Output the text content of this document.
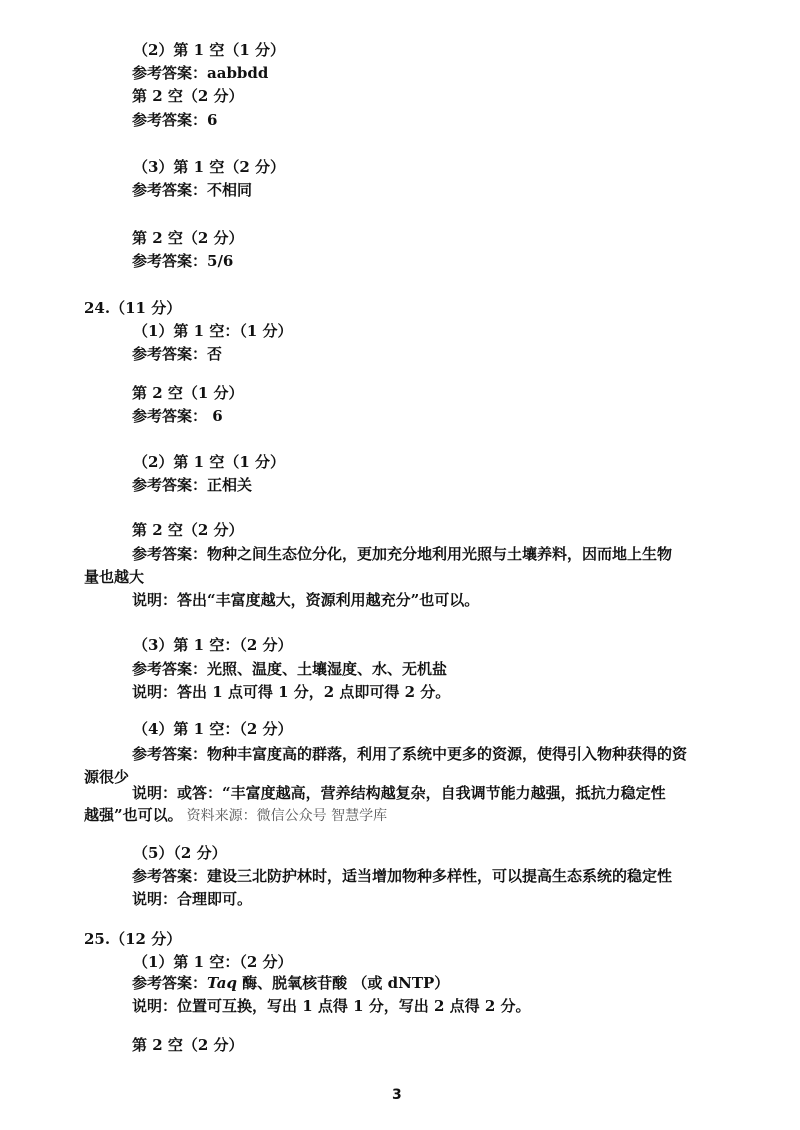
（2）第 1 空（1 分）
参考答案：aabbdd
第 2 空（2 分）
参考答案：6
（3）第 1 空（2 分）
参考答案：不相同
第 2 空（2 分）
参考答案：5/6
24.（11 分）
（1）第 1 空：（1 分）
参考答案：否
第 2 空（1 分）
参考答案： 6
（2）第 1 空（1 分）
参考答案：正相关
第 2 空（2 分）
参考答案：物种之间生态位分化，更加充分地利用光照与土壤养料，因而地上生物
量也越大
说明：答出“丰富度越大，资源利用越充分”也可以。
（3）第 1 空：（2 分）
参考答案：光照、温度、土壤湿度、水、无机盐
说明：答出 1 点可得 1 分，2 点即可得 2 分。
（4）第 1 空：（2 分）
参考答案：物种丰富度高的群落，利用了系统中更多的资源，使得引入物种获得的资
源很少
说明：或答：“丰富度越高，营养结构越复杂，自我调节能力越强，抵抗力稳定性
越强”也可以。 资料来源：微信公众号 智慧学库
（5）（2 分）
参考答案：建设三北防护林时，适当增加物种多样性，可以提高生态系统的稳定性
说明：合理即可。
25.（12 分）
（1）第 1 空：（2 分）
参考答案：Taq 酶、脱氧核苷酸 （或 dNTP）
说明：位置可互换，写出 1 点得 1 分，写出 2 点得 2 分。
第 2 空（2 分）
3
